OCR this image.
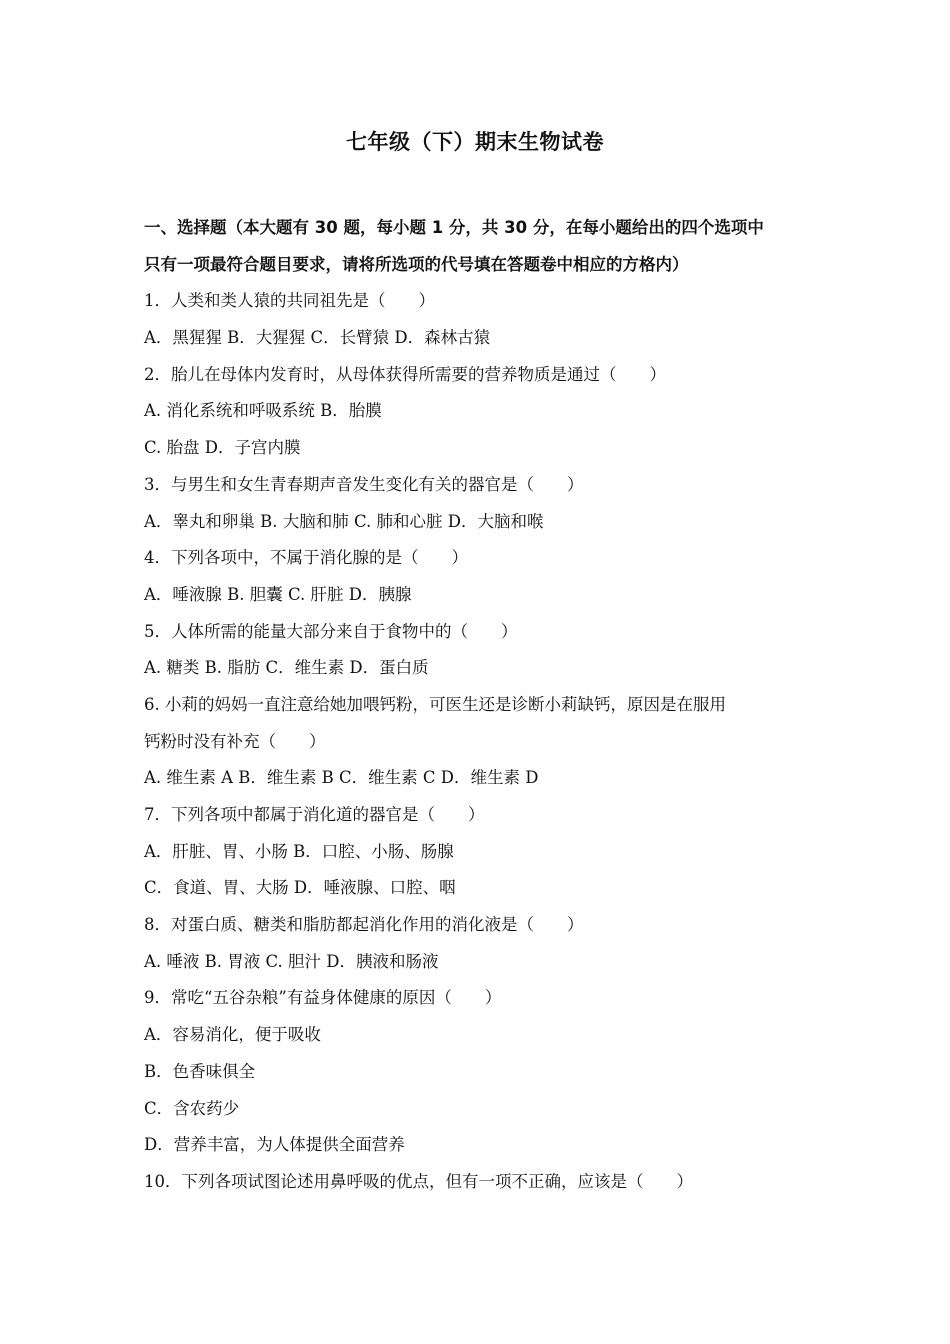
七年级（下）期末生物试卷
一、选择题（本大题有 30 题，每小题 1 分，共 30 分，在每小题给出的四个选项中
只有一项最符合题目要求，请将所选项的代号填在答题卷中相应的方格内）
1．人类和类人猿的共同祖先是（　　）
A．黑猩猩 B．大猩猩 C．长臂猿 D．森林古猿
2．胎儿在母体内发育时，从母体获得所需要的营养物质是通过（　　）
A. 消化系统和呼吸系统 B．胎膜
C. 胎盘 D．子宫内膜
3．与男生和女生青春期声音发生变化有关的器官是（　　）
A．睾丸和卵巢 B. 大脑和肺 C. 肺和心脏 D．大脑和喉
4．下列各项中，不属于消化腺的是（　　）
A．唾液腺 B. 胆囊 C. 肝脏 D．胰腺
5．人体所需的能量大部分来自于食物中的（　　）
A. 糖类 B. 脂肪 C．维生素 D．蛋白质
6. 小莉的妈妈一直注意给她加喂钙粉，可医生还是诊断小莉缺钙，原因是在服用
钙粉时没有补充（　　）
A. 维生素 A B．维生素 B C．维生素 C D．维生素 D
7．下列各项中都属于消化道的器官是（　　）
A．肝脏、胃、小肠 B．口腔、小肠、肠腺
C．食道、胃、大肠 D．唾液腺、口腔、咽
8．对蛋白质、糖类和脂肪都起消化作用的消化液是（　　）
A. 唾液 B. 胃液 C. 胆汁 D．胰液和肠液
9．常吃“五谷杂粮”有益身体健康的原因（　　）
A．容易消化，便于吸收
B．色香味俱全
C．含农药少
D．营养丰富，为人体提供全面营养
10．下列各项试图论述用鼻呼吸的优点，但有一项不正确，应该是（　　）
